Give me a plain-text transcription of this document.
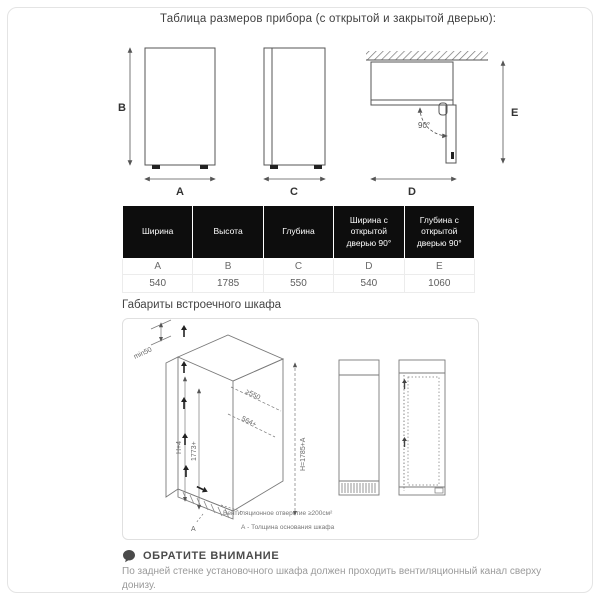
Таблица размеров прибора (с открытой и закрытой дверью):
B
A	C
90°
E
D
Ширина	Высота	Глубина	Ширина с открытой дверью 90°	Глубина с открытой дверью 90°
A	B	C	D	E
540	1785	550	540	1060
Габариты встроечного шкафа
min50
≥550
564+
H+4 1773+	H=1785+A
А
Вентиляционное отверстие ≥200см²
А - Толщина основания шкафа
ОБРАТИТЕ ВНИМАНИЕ
По задней стенке установочного шкафа должен проходить вентиляционный канал сверху донизу.
